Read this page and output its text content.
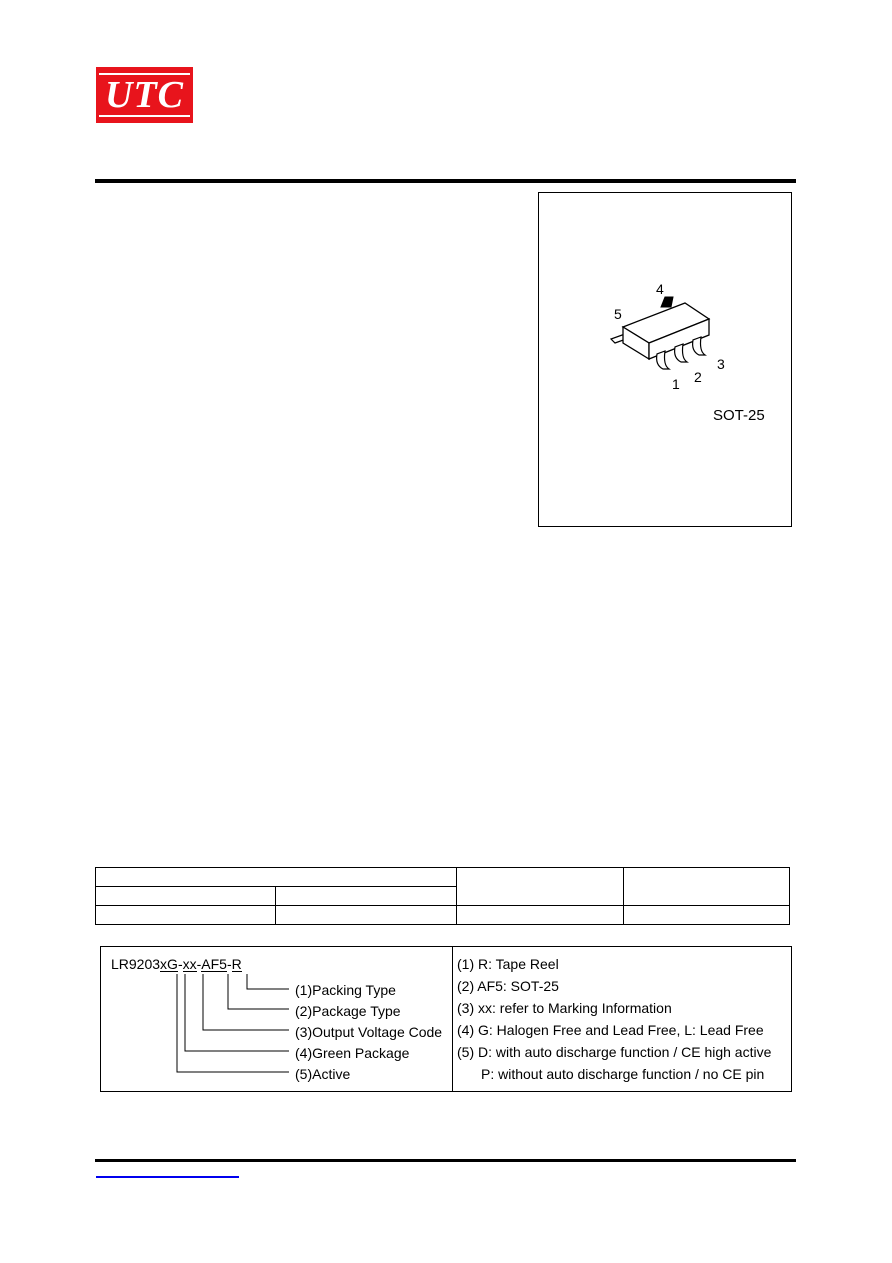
UTC
4
5
3
2
1
SOT-25
LR9203xG-xx-AF5-R
(1)Packing Type
(2)Package Type
(3)Output Voltage Code
(4)Green Package
(5)Active
(1) R: Tape Reel
(2) AF5: SOT-25
(3) xx: refer to Marking Information
(4) G: Halogen Free and Lead Free, L: Lead Free
(5) D: with auto discharge function / CE high active
P: without auto discharge function / no CE pin
